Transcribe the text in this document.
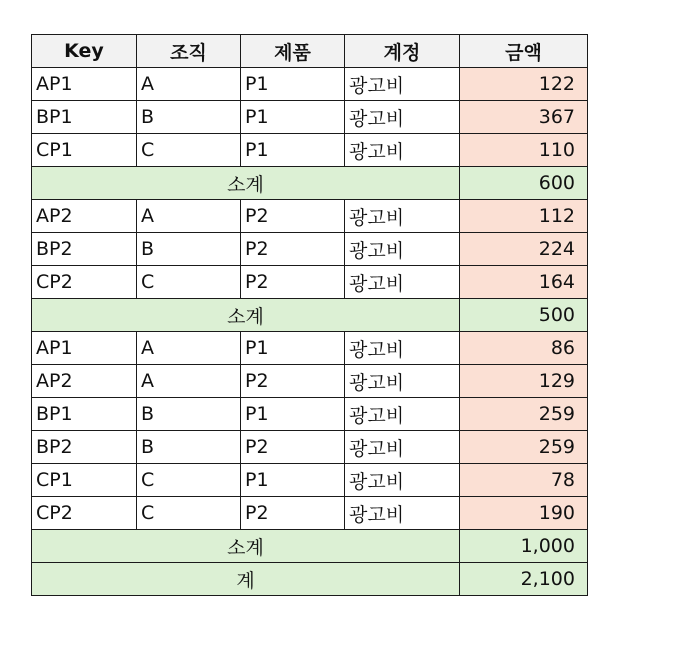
Key	조직	제품	계정	금액
AP1	A	P1	광고비	122
BP1	B	P1	광고비	367
CP1	C	P1	광고비	110
소계				600
AP2	A	P2	광고비	112
BP2	B	P2	광고비	224
CP2	C	P2	광고비	164
소계				500
AP1	A	P1	광고비	86
AP2	A	P2	광고비	129
BP1	B	P1	광고비	259
BP2	B	P2	광고비	259
CP1	C	P1	광고비	78
CP2	C	P2	광고비	190
소계				1,000
계				2,100
